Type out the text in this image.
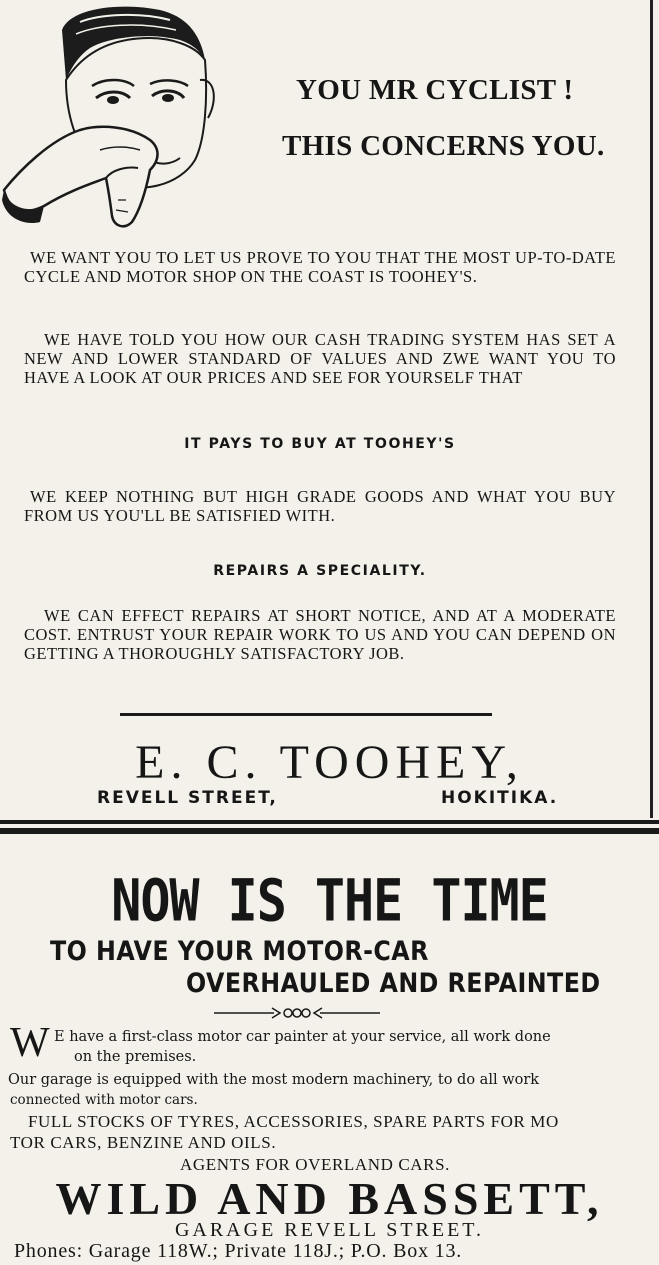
YOU MR CYCLIST !
THIS CONCERNS YOU.
WE WANT YOU TO LET US PROVE TO YOU THAT THE MOST UP-TO-DATE CYCLE AND MOTOR SHOP ON THE COAST IS TOOHEY'S.
WE HAVE TOLD YOU HOW OUR CASH TRADING SYSTEM HAS SET A NEW AND LOWER STANDARD OF VALUES AND ZWE WANT YOU TO HAVE A LOOK AT OUR PRICES AND SEE FOR YOURSELF THAT
IT PAYS TO BUY AT TOOHEY'S
WE KEEP NOTHING BUT HIGH GRADE GOODS AND WHAT YOU BUY FROM US YOU'LL BE SATISFIED WITH.
REPAIRS A SPECIALITY.
WE CAN EFFECT REPAIRS AT SHORT NOTICE, AND AT A MODERATE COST. ENTRUST YOUR REPAIR WORK TO US AND YOU CAN DEPEND ON GETTING A THOROUGHLY SATISFACTORY JOB.
E. C. TOOHEY,
REVELL STREET,	HOKITIKA.
NOW IS THE TIME
TO HAVE YOUR MOTOR-CAR
OVERHAULED AND REPAINTED
W E have a first-class motor car painter at your service, all work done
on the premises.
Our garage is equipped with the most modern machinery, to do all work
connected with motor cars.
FULL STOCKS OF TYRES, ACCESSORIES, SPARE PARTS FOR MO
TOR CARS, BENZINE AND OILS.
AGENTS FOR OVERLAND CARS.
WILD AND BASSETT,
GARAGE REVELL STREET.
Phones: Garage 118W.; Private 118J.; P.O. Box 13.
